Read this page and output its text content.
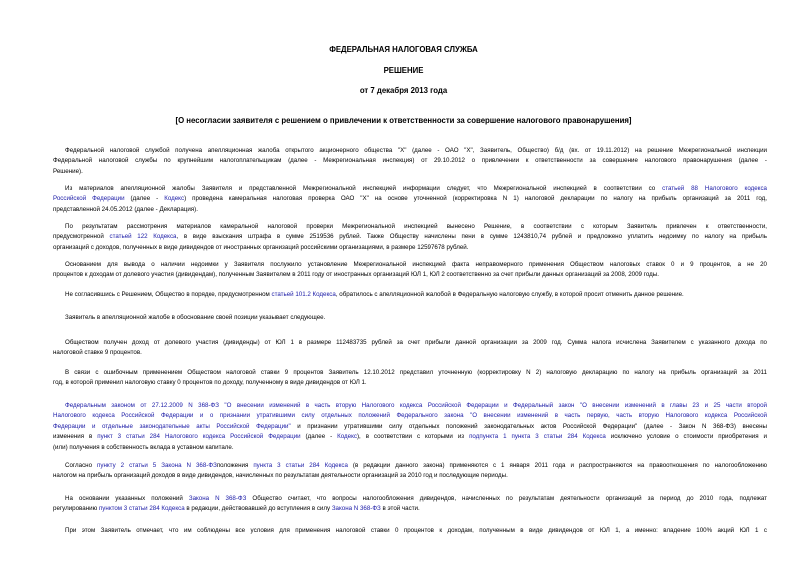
ФЕДЕРАЛЬНАЯ НАЛОГОВАЯ СЛУЖБА
РЕШЕНИЕ
от 7 декабря 2013 года
[О несогласии заявителя с решением о привлечении к ответственности за совершение налогового правонарушения]
Федеральной налоговой службой получена апелляционная жалоба открытого акционерного общества "X" (далее - ОАО "X", Заявитель, Общество) б/д (вх. от 19.11.2012) на решение Межрегиональной инспекции
Федеральной налоговой службы по крупнейшим налогоплательщикам (далее - Межрегиональная инспекция) от 29.10.2012 о привлечении к ответственности за совершение налогового правонарушения (далее -
Решение).
Из материалов апелляционной жалобы Заявителя и представленной Межрегиональной инспекцией информации следует, что Межрегиональной инспекцией в соответствии со статьей 88 Налогового кодекса
Российской Федерации (далее - Кодекс) проведена камеральная налоговая проверка ОАО "X" на основе уточненной (корректировка N 1) налоговой декларации по налогу на прибыль организаций за 2011 год,
представленной 24.05.2012 (далее - Декларация).
По результатам рассмотрения материалов камеральной налоговой проверки Межрегиональной инспекцией вынесено Решение, в соответствии с которым Заявитель привлечен к ответственности,
предусмотренной статьей 122 Кодекса, в виде взыскания штрафа в сумме 2519536 рублей. Также Обществу начислены пени в сумме 1243810,74 рублей и предложено уплатить недоимку по налогу на прибыль
организаций с доходов, полученных в виде дивидендов от иностранных организаций российскими организациями, в размере 12597678 рублей.
Основанием для вывода о наличии недоимки у Заявителя послужило установление Межрегиональной инспекцией факта неправомерного применения Обществом налоговых ставок 0 и 9 процентов, а не 20
процентов к доходам от долевого участия (дивидендам), полученным Заявителем в 2011 году от иностранных организаций ЮЛ 1, ЮЛ 2 соответственно за счет прибыли данных организаций за 2008, 2009 годы.
Не согласившись с Решением, Общество в порядке, предусмотренном статьей 101.2 Кодекса, обратилось с апелляционной жалобой в Федеральную налоговую службу, в которой просит отменить данное решение.
Заявитель в апелляционной жалобе в обоснование своей позиции указывает следующее.
Обществом получен доход от долевого участия (дивиденды) от ЮЛ 1 в размере 112483735 рублей за счет прибыли данной организации за 2009 год. Сумма налога исчислена Заявителем с указанного дохода по
налоговой ставке 9 процентов.
В связи с ошибочным применением Обществом налоговой ставки 9 процентов Заявитель 12.10.2012 представил уточненную (корректировку N 2) налоговую декларацию по налогу на прибыль организаций за 2011
год, в которой применил налоговую ставку 0 процентов по доходу, полученному в виде дивидендов от ЮЛ 1.
Федеральным законом от 27.12.2009 N 368-ФЗ "О внесении изменений в часть вторую Налогового кодекса Российской Федерации и Федеральный закон "О внесении изменений в главы 23 и 25 части второй
Налогового кодекса Российской Федерации и о признании утратившими силу отдельных положений Федерального закона "О внесении изменений в часть первую, часть вторую Налогового кодекса Российской
Федерации и отдельные законодательные акты Российской Федерации" и признании утратившими силу отдельных положений законодательных актов Российской Федерации" (далее - Закон N 368-ФЗ) внесены
изменения в пункт 3 статьи 284 Налогового кодекса Российской Федерации (далее - Кодекс), в соответствии с которыми из подпункта 1 пункта 3 статьи 284 Кодекса исключено условие о стоимости приобретения и
(или) получения в собственность вклада в уставном капитале.
Согласно пункту 2 статьи 5 Закона N 368-ФЗположения пункта 3 статьи 284 Кодекса (в редакции данного закона) применяются с 1 января 2011 года и распространяются на правоотношения по налогообложению
налогом на прибыль организаций доходов в виде дивидендов, начисленных по результатам деятельности организаций за 2010 год и последующие периоды.
На основании указанных положений Закона N 368-ФЗ Общество считает, что вопросы налогообложения дивидендов, начисленных по результатам деятельности организаций за период до 2010 года, подлежат
регулированию пунктом 3 статьи 284 Кодекса в редакции, действовавшей до вступления в силу Закона N 368-ФЗ в этой части.
При этом Заявитель отмечает, что им соблюдены все условия для применения налоговой ставки 0 процентов к доходам, полученным в виде дивидендов от ЮЛ 1, а именно: владение 100% акций ЮЛ 1 с
